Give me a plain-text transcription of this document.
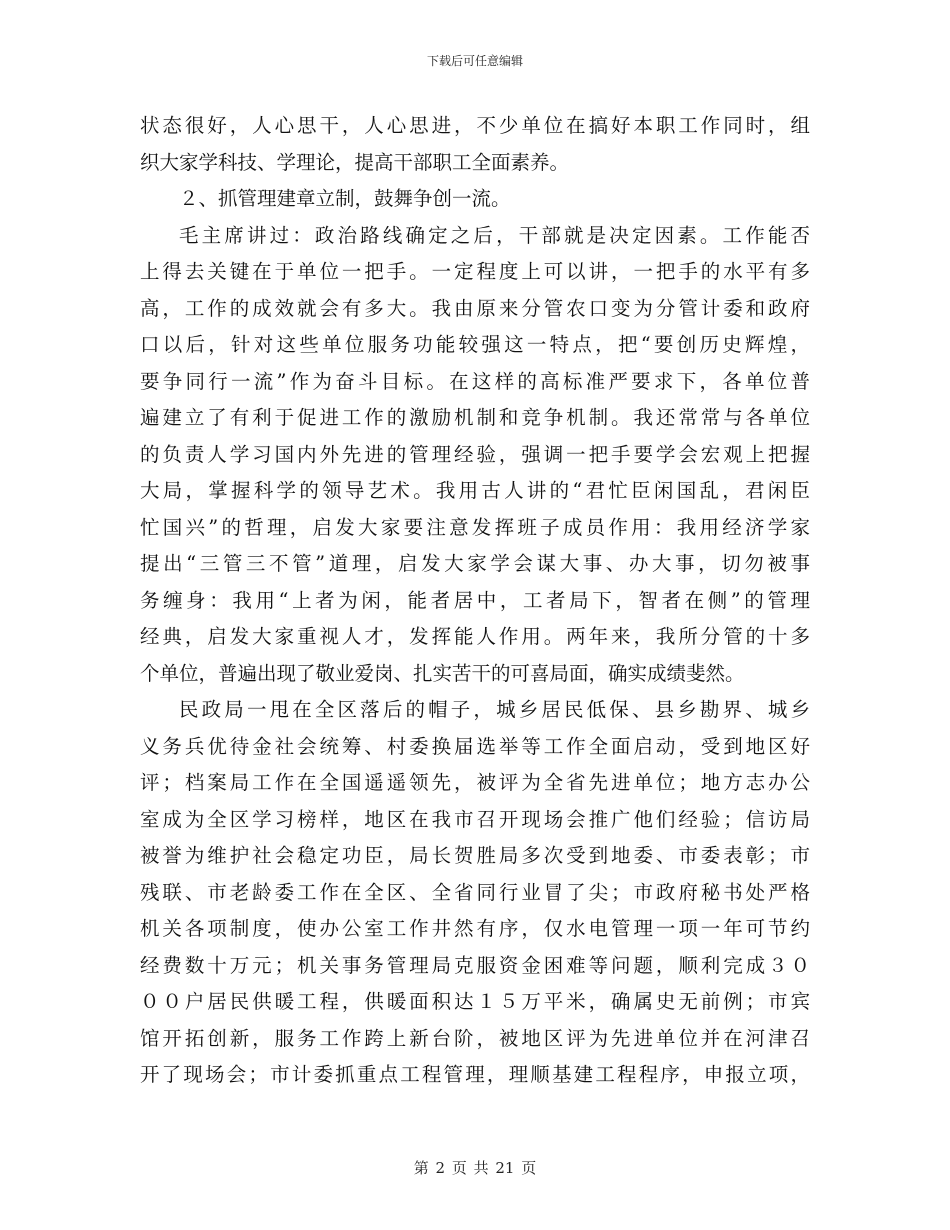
下载后可任意编辑
状态很好，人心思干，人心思进，不少单位在搞好本职工作同时，组
织大家学科技、学理论，提高干部职工全面素养。
２、抓管理建章立制，鼓舞争创一流。
毛主席讲过：政治路线确定之后，干部就是决定因素。工作能否
上得去关键在于单位一把手。一定程度上可以讲，一把手的水平有多
高，工作的成效就会有多大。我由原来分管农口变为分管计委和政府
口以后，针对这些单位服务功能较强这一特点，把“要创历史辉煌，
要争同行一流”作为奋斗目标。在这样的高标准严要求下，各单位普
遍建立了有利于促进工作的激励机制和竞争机制。我还常常与各单位
的负责人学习国内外先进的管理经验，强调一把手要学会宏观上把握
大局，掌握科学的领导艺术。我用古人讲的“君忙臣闲国乱，君闲臣
忙国兴”的哲理，启发大家要注意发挥班子成员作用：我用经济学家
提出“三管三不管”道理，启发大家学会谋大事、办大事，切勿被事
务缠身：我用“上者为闲，能者居中，工者局下，智者在侧”的管理
经典，启发大家重视人才，发挥能人作用。两年来，我所分管的十多
个单位，普遍出现了敬业爱岗、扎实苦干的可喜局面，确实成绩斐然。
民政局一甩在全区落后的帽子，城乡居民低保、县乡勘界、城乡
义务兵优待金社会统筹、村委换届选举等工作全面启动，受到地区好
评；档案局工作在全国遥遥领先，被评为全省先进单位；地方志办公
室成为全区学习榜样，地区在我市召开现场会推广他们经验；信访局
被誉为维护社会稳定功臣，局长贺胜局多次受到地委、市委表彰；市
残联、市老龄委工作在全区、全省同行业冒了尖；市政府秘书处严格
机关各项制度，使办公室工作井然有序，仅水电管理一项一年可节约
经费数十万元；机关事务管理局克服资金困难等问题，顺利完成３０
００户居民供暖工程，供暖面积达１５万平米，确属史无前例；市宾
馆开拓创新，服务工作跨上新台阶，被地区评为先进单位并在河津召
开了现场会；市计委抓重点工程管理，理顺基建工程程序，申报立项，
第 2 页 共 21 页
